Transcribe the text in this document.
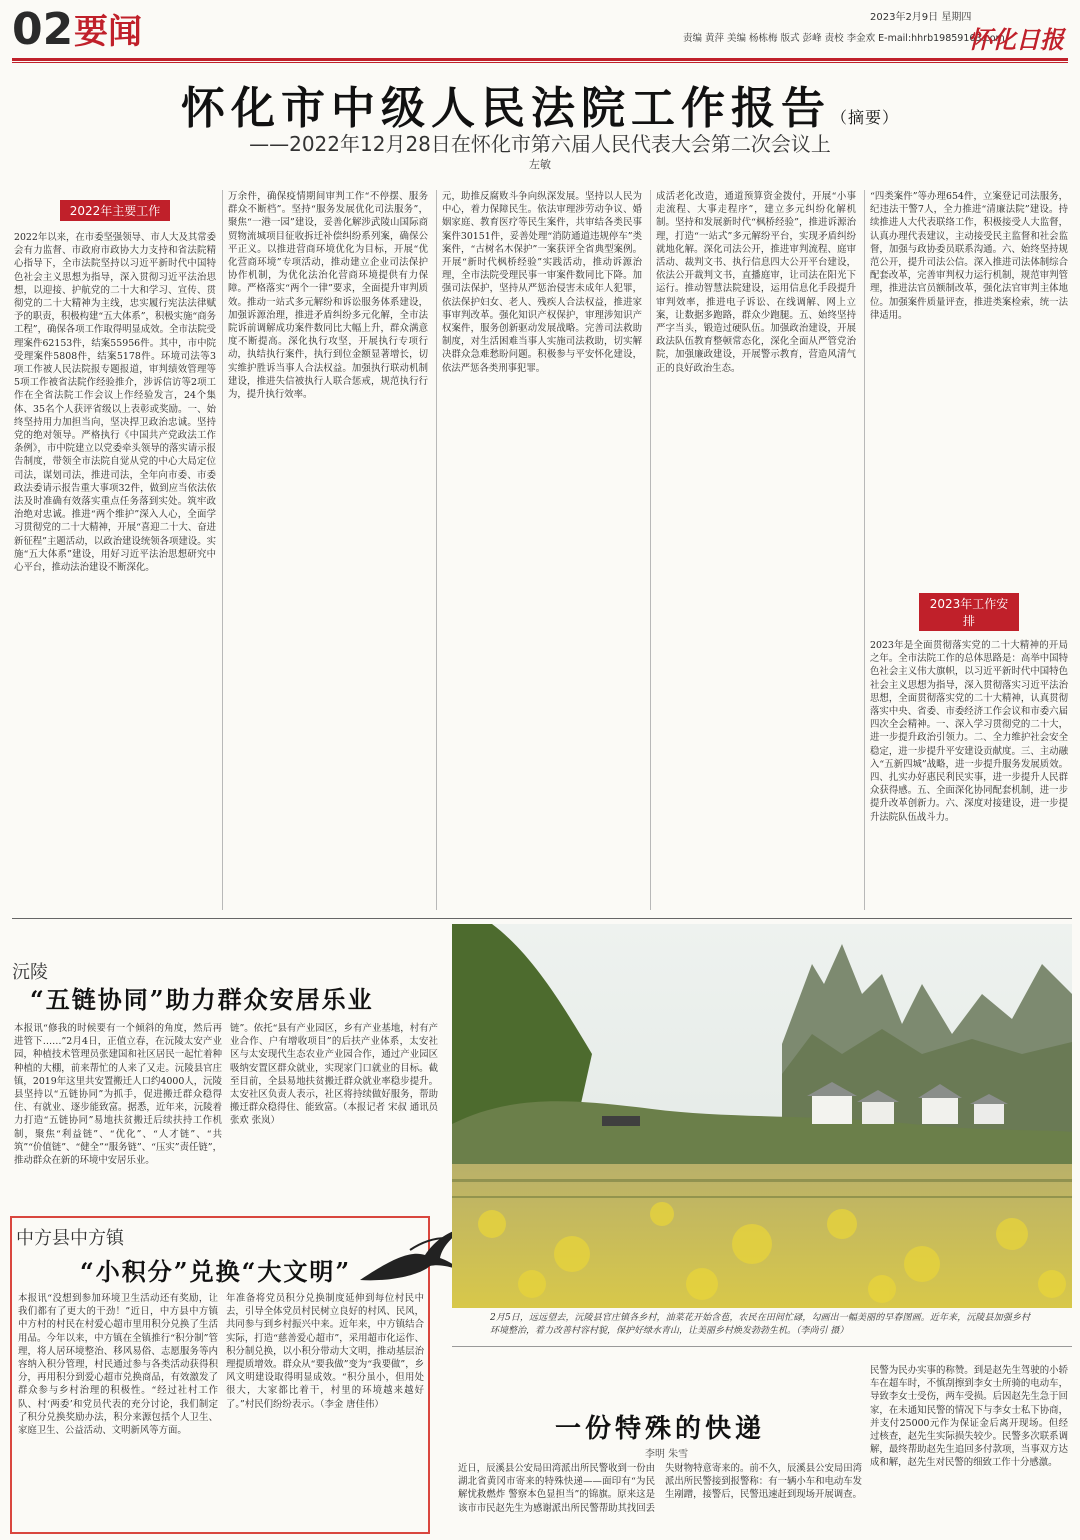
02 要闻	2023年2月9日 星期四
责编 黄萍 美编 杨栋梅 版式 彭峰 责校 李金欢 E-mail:hhrb19859163.com
怀化日报
怀化市中级人民法院工作报告（摘要）
——2022年12月28日在怀化市第六届人民代表大会第二次会议上
左敏
2022年主要工作
2022年以来，在市委坚强领导、市人大及其常委会有力监督、市政府市政协大力支持和省法院精心指导下，全市法院坚持以习近平新时代中国特色社会主义思想为指导，深入贯彻习近平法治思想，以迎接、护航党的二十大和学习、宣传、贯彻党的二十大精神为主线，忠实履行宪法法律赋予的职责，积极构建“五大体系”，积极实施“商务工程”，确保各项工作取得明显成效。全市法院受理案件62153件，结案55956件。其中，市中院受理案件5808件，结案5178件。环境司法等3项工作被人民法院报专题报道，审判绩效管理等5项工作被省法院作经验推介，涉诉信访等2项工作在全省法院工作会议上作经验发言，24个集体、35名个人获评省级以上表彰或奖励。一、始终坚持用力加担当向，坚决捍卫政治忠诚。坚持党的绝对领导。严格执行《中国共产党政法工作条例》，市中院建立以党委牵头领导的落实请示报告制度，带领全市法院自觉从党的中心大局定位司法，谋划司法，推进司法，全年向市委、市委政法委请示报告重大事项32件，做到应当依法依法及时准确有效落实重点任务落到实处。筑牢政治绝对忠诚。推进“两个维护”深入人心，全面学习贯彻党的二十大精神，开展“喜迎二十大、奋进新征程”主题活动，以政治建设统领各项建设。实施“五大体系”建设，用好习近平法治思想研究中心平台，推动法治建设不断深化。
万余件，确保疫情期间审判工作“不停摆、服务群众不断档”。坚持“服务发展优化司法服务”，聚焦“一港一园”建设，妥善化解涉武陵山国际商贸物流城项目征收拆迁补偿纠纷系列案，确保公平正义。以推进营商环境优化为目标，开展“优化营商环境”专项活动，推动建立企业司法保护协作机制，为优化法治化营商环境提供有力保障。严格落实“两个一律”要求，全面提升审判质效。推动一站式多元解纷和诉讼服务体系建设，加强诉源治理，推进矛盾纠纷多元化解，全市法院诉前调解成功案件数同比大幅上升，群众满意度不断提高。深化执行攻坚，开展执行专项行动，执结执行案件，执行到位金额显著增长，切实维护胜诉当事人合法权益。加强执行联动机制建设，推进失信被执行人联合惩戒，规范执行行为，提升执行效率。
元，助推反腐败斗争向纵深发展。坚持以人民为中心，着力保障民生。依法审理涉劳动争议、婚姻家庭、教育医疗等民生案件，共审结各类民事案件30151件，妥善处理“消防通道违规停车”类案件，“古树名木保护”一案获评全省典型案例。开展“新时代枫桥经验”实践活动，推动诉源治理，全市法院受理民事一审案件数同比下降。加强司法保护，坚持从严惩治侵害未成年人犯罪，依法保护妇女、老人、残疾人合法权益，推进家事审判改革。强化知识产权保护，审理涉知识产权案件，服务创新驱动发展战略。完善司法救助制度，对生活困难当事人实施司法救助，切实解决群众急难愁盼问题。积极参与平安怀化建设，依法严惩各类刑事犯罪。
成活老化改造，通道预算资金拨付，开展“小事走流程、大事走程序”，建立多元纠纷化解机制。坚持和发展新时代“枫桥经验”，推进诉源治理，打造“一站式”多元解纷平台，实现矛盾纠纷就地化解。深化司法公开，推进审判流程、庭审活动、裁判文书、执行信息四大公开平台建设，依法公开裁判文书，直播庭审，让司法在阳光下运行。推动智慧法院建设，运用信息化手段提升审判效率，推进电子诉讼、在线调解、网上立案，让数据多跑路，群众少跑腿。五、始终坚持严字当头，锻造过硬队伍。加强政治建设，开展政法队伍教育整顿常态化，深化全面从严管党治院，加强廉政建设，开展警示教育，营造风清气正的良好政治生态。
“四类案件”等办理654件，立案登记司法服务，纪违法干警7人，全力推进“清廉法院”建设。持续推进人大代表联络工作，积极接受人大监督，认真办理代表建议，主动接受民主监督和社会监督，加强与政协委员联系沟通。六、始终坚持规范公开，提升司法公信。深入推进司法体制综合配套改革，完善审判权力运行机制，规范审判管理，推进法官员额制改革，强化法官审判主体地位。加强案件质量评查，推进类案检索，统一法律适用。
2023年工作安排
2023年是全面贯彻落实党的二十大精神的开局之年。全市法院工作的总体思路是：高举中国特色社会主义伟大旗帜，以习近平新时代中国特色社会主义思想为指导，深入贯彻落实习近平法治思想，全面贯彻落实党的二十大精神，认真贯彻落实中央、省委、市委经济工作会议和市委六届四次全会精神。一、深入学习贯彻党的二十大，进一步提升政治引领力。二、全力维护社会安全稳定，进一步提升平安建设贡献度。三、主动融入“五新四城”战略，进一步提升服务发展质效。四、扎实办好惠民利民实事，进一步提升人民群众获得感。五、全面深化协同配套机制，进一步提升改革创新力。六、深度对接建设，进一步提升法院队伍战斗力。
沅陵
“五链协同”助力群众安居乐业
本报讯“修我的时候要有一个倾斜的角度，然后再进管下……”2月4日，正值立春，在沅陵太安产业园，种植技术管理员张建国和社区居民一起忙着种种植的大棚，前来帮忙的人来了又走。沅陵县官庄镇，2019年这里共安置搬迁人口约4000人，沅陵县坚持以“五链协同”为抓手，促进搬迁群众稳得住、有就业、逐步能致富。据悉，近年来，沅陵着力打造“五链协同”易地扶贫搬迁后续扶持工作机制，聚焦“利益链”、“优化”、“人才链”、“共筑”“价值链”、“健全”“服务链”、“压实”责任链”，推动群众在新的环境中安居乐业。
链”。依托“县有产业园区，乡有产业基地，村有产业合作、户有增收项目”的后扶产业体系，太安社区与太安现代生态农业产业园合作，通过产业园区吸纳安置区群众就业，实现家门口就业的目标。截至目前，全县易地扶贫搬迁群众就业率稳步提升。太安社区负责人表示，社区将持续做好服务，帮助搬迁群众稳得住、能致富。（本报记者 宋叔 通讯员 张欢 张岚）
中方县中方镇
“小积分”兑换“大文明”
本报讯“没想到参加环境卫生活动还有奖励，让我们都有了更大的干劲！”近日，中方县中方镇中方村的村民在村爱心超市里用积分兑换了生活用品。今年以来，中方镇在全镇推行“积分制”管理，将人居环境整治、移风易俗、志愿服务等内容纳入积分管理，村民通过参与各类活动获得积分，再用积分到爱心超市兑换商品，有效激发了群众参与乡村治理的积极性。“经过社村工作队、村‘两委’和党员代表的充分讨论，我们制定了积分兑换奖励办法，积分来源包括个人卫生、家庭卫生、公益活动、文明新风等方面。
年准备将党员积分兑换制度延伸到每位村民中去，引导全体党员村民树立良好的村风、民风，共同参与到乡村振兴中来。近年来，中方镇结合实际，打造“慈善爱心超市”，采用超市化运作、积分制兑换，以小积分带动大文明，推动基层治理提质增效。群众从“要我做”变为“我要做”，乡风文明建设取得明显成效。“积分虽小，但用处很大，大家都比着干，村里的环境越来越好了。”村民们纷纷表示。（李金 唐佳伟）
2月5日，远远望去，沅陵县官庄镇各乡村，油菜花开始含苞，农民在田间忙碌，勾画出一幅美丽的早春图画。近年来，沅陵县加强乡村环境整治，着力改善村容村貌，保护好绿水青山，让美丽乡村焕发勃勃生机。（李尚引 摄）
一份特殊的快递
李明 朱雪
近日，辰溪县公安局田湾派出所民警收到一份由湖北省黄冈市寄来的特殊快递——面印有“为民解忧救燃炸 警察本色显担当”的锦旗。原来这是该市市民赵先生为感谢派出所民警帮助其找回丢失财物特意寄来的。前不久，辰溪县公安局田湾派出所民警接到报警称：有一辆小车和电动车发生剐蹭，接警后，民警迅速赶到现场开展调查。
民警为民办实事的称赞。到是赵先生驾驶的小轿车在超车时，不慎刮擦到李女士所骑的电动车，导致李女士受伤，两车受损。后因赵先生急于回家，在未通知民警的情况下与李女士私下协商，并支付25000元作为保证金后离开现场。但经过核查，赵先生实际损失较少。民警多次联系调解，最终帮助赵先生追回多付款项，当事双方达成和解，赵先生对民警的细致工作十分感激。
